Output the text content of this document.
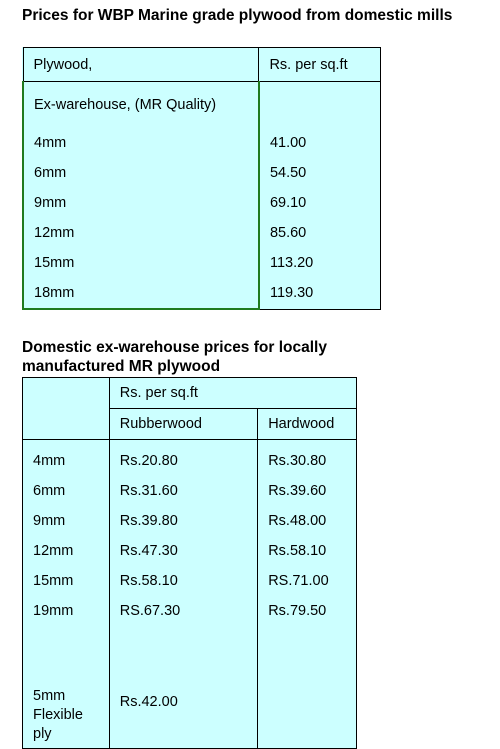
Prices for WBP Marine grade plywood from domestic mills
Plywood,	Rs. per sq.ft
Ex-warehouse, (MR Quality)	
4mm	41.00
6mm	54.50
9mm	69.10
12mm	85.60
15mm	113.20
18mm	119.30
Domestic ex-warehouse prices for locally manufactured MR plywood
	Rs. per sq.ft	
	Rubberwood	Hardwood
4mm	Rs.20.80	Rs.30.80
6mm	Rs.31.60	Rs.39.60
9mm	Rs.39.80	Rs.48.00
12mm	Rs.47.30	Rs.58.10
15mm	Rs.58.10	RS.71.00
19mm	RS.67.30	Rs.79.50
5mm
Flexible
ply	Rs.42.00	
